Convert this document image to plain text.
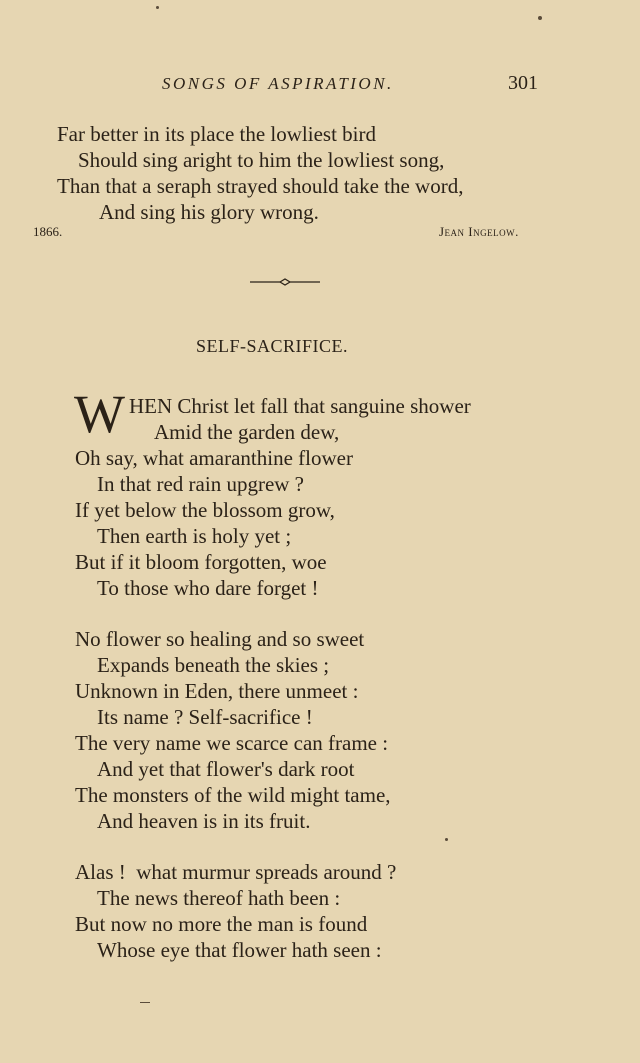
SONGS OF ASPIRATION.	301
Far better in its place the lowliest bird
Should sing aright to him the lowliest song,
Than that a seraph strayed should take the word,
And sing his glory wrong.
1866.	Jean Ingelow.
SELF-SACRIFICE.
W HEN Christ let fall that sanguine shower
Amid the garden dew,
Oh say, what amaranthine flower
In that red rain upgrew ?
If yet below the blossom grow,
Then earth is holy yet ;
But if it bloom forgotten, woe
To those who dare forget !
No flower so healing and so sweet
Expands beneath the skies ;
Unknown in Eden, there unmeet :
Its name ? Self-sacrifice !
The very name we scarce can frame :
And yet that flower's dark root
The monsters of the wild might tame,
And heaven is in its fruit.
Alas !  what murmur spreads around ?
The news thereof hath been :
But now no more the man is found
Whose eye that flower hath seen :
